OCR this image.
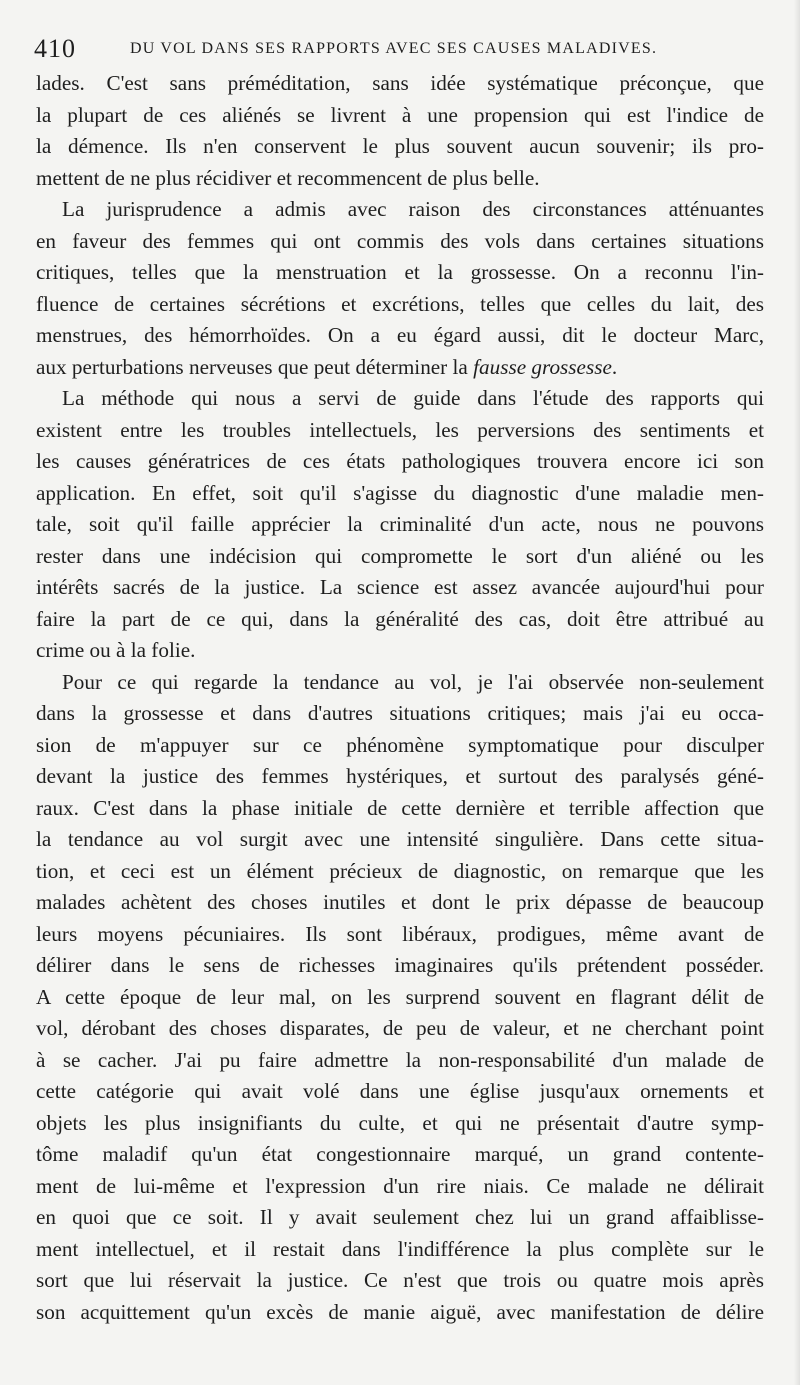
410	DU VOL DANS SES RAPPORTS AVEC SES CAUSES MALADIVES.
lades. C'est sans préméditation, sans idée systématique préconçue, que
la plupart de ces aliénés se livrent à une propension qui est l'indice de
la démence. Ils n'en conservent le plus souvent aucun souvenir; ils pro-
mettent de ne plus récidiver et recommencent de plus belle.
La jurisprudence a admis avec raison des circonstances atténuantes
en faveur des femmes qui ont commis des vols dans certaines situations
critiques, telles que la menstruation et la grossesse. On a reconnu l'in-
fluence de certaines sécrétions et excrétions, telles que celles du lait, des
menstrues, des hémorrhoïdes. On a eu égard aussi, dit le docteur Marc,
aux perturbations nerveuses que peut déterminer la fausse grossesse.
La méthode qui nous a servi de guide dans l'étude des rapports qui
existent entre les troubles intellectuels, les perversions des sentiments et
les causes génératrices de ces états pathologiques trouvera encore ici son
application. En effet, soit qu'il s'agisse du diagnostic d'une maladie men-
tale, soit qu'il faille apprécier la criminalité d'un acte, nous ne pouvons
rester dans une indécision qui compromette le sort d'un aliéné ou les
intérêts sacrés de la justice. La science est assez avancée aujourd'hui pour
faire la part de ce qui, dans la généralité des cas, doit être attribué au
crime ou à la folie.
Pour ce qui regarde la tendance au vol, je l'ai observée non-seulement
dans la grossesse et dans d'autres situations critiques; mais j'ai eu occa-
sion de m'appuyer sur ce phénomène symptomatique pour disculper
devant la justice des femmes hystériques, et surtout des paralysés géné-
raux. C'est dans la phase initiale de cette dernière et terrible affection que
la tendance au vol surgit avec une intensité singulière. Dans cette situa-
tion, et ceci est un élément précieux de diagnostic, on remarque que les
malades achètent des choses inutiles et dont le prix dépasse de beaucoup
leurs moyens pécuniaires. Ils sont libéraux, prodigues, même avant de
délirer dans le sens de richesses imaginaires qu'ils prétendent posséder.
A cette époque de leur mal, on les surprend souvent en flagrant délit de
vol, dérobant des choses disparates, de peu de valeur, et ne cherchant point
à se cacher. J'ai pu faire admettre la non-responsabilité d'un malade de
cette catégorie qui avait volé dans une église jusqu'aux ornements et
objets les plus insignifiants du culte, et qui ne présentait d'autre symp-
tôme maladif qu'un état congestionnaire marqué, un grand contente-
ment de lui-même et l'expression d'un rire niais. Ce malade ne délirait
en quoi que ce soit. Il y avait seulement chez lui un grand affaiblisse-
ment intellectuel, et il restait dans l'indifférence la plus complète sur le
sort que lui réservait la justice. Ce n'est que trois ou quatre mois après
son acquittement qu'un excès de manie aiguë, avec manifestation de délire
